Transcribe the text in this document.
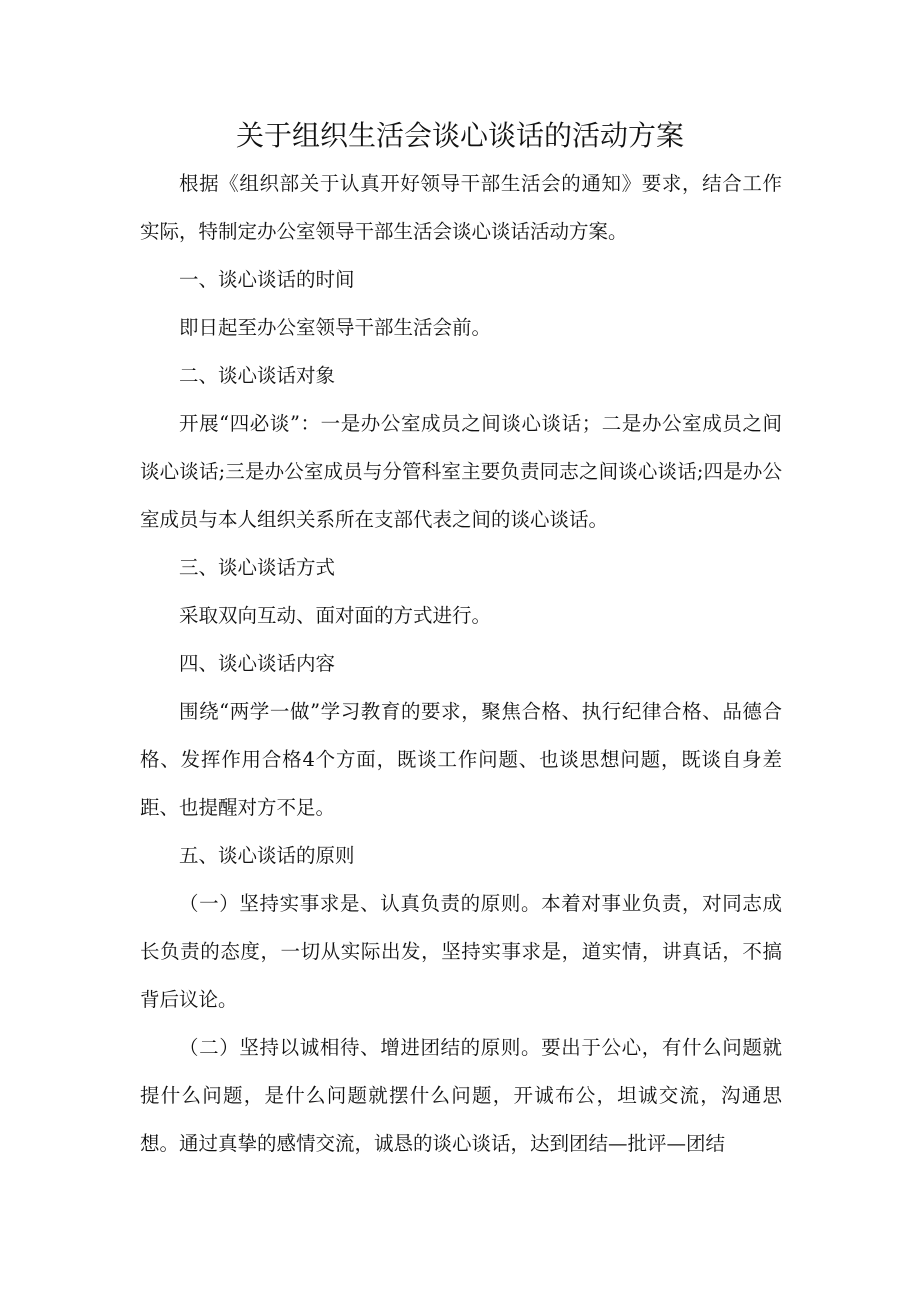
关于组织生活会谈心谈话的活动方案

根据《组织部关于认真开好领导干部生活会的通知》要求，结合工作实际，特制定办公室领导干部生活会谈心谈话活动方案。

一、谈心谈话的时间

即日起至办公室领导干部生活会前。

二、谈心谈话对象

开展“四必谈”：一是办公室成员之间谈心谈话；二是办公室成员之间谈心谈话;三是办公室成员与分管科室主要负责同志之间谈心谈话;四是办公室成员与本人组织关系所在支部代表之间的谈心谈话。

三、谈心谈话方式

采取双向互动、面对面的方式进行。

四、谈心谈话内容

围绕“两学一做”学习教育的要求，聚焦合格、执行纪律合格、品德合格、发挥作用合格4个方面，既谈工作问题、也谈思想问题，既谈自身差距、也提醒对方不足。

五、谈心谈话的原则

（一）坚持实事求是、认真负责的原则。本着对事业负责，对同志成长负责的态度，一切从实际出发，坚持实事求是，道实情，讲真话，不搞背后议论。

（二）坚持以诚相待、增进团结的原则。要出于公心，有什么问题就提什么问题，是什么问题就摆什么问题，开诚布公，坦诚交流，沟通思想。通过真挚的感情交流，诚恳的谈心谈话，达到团结—批评—团结
